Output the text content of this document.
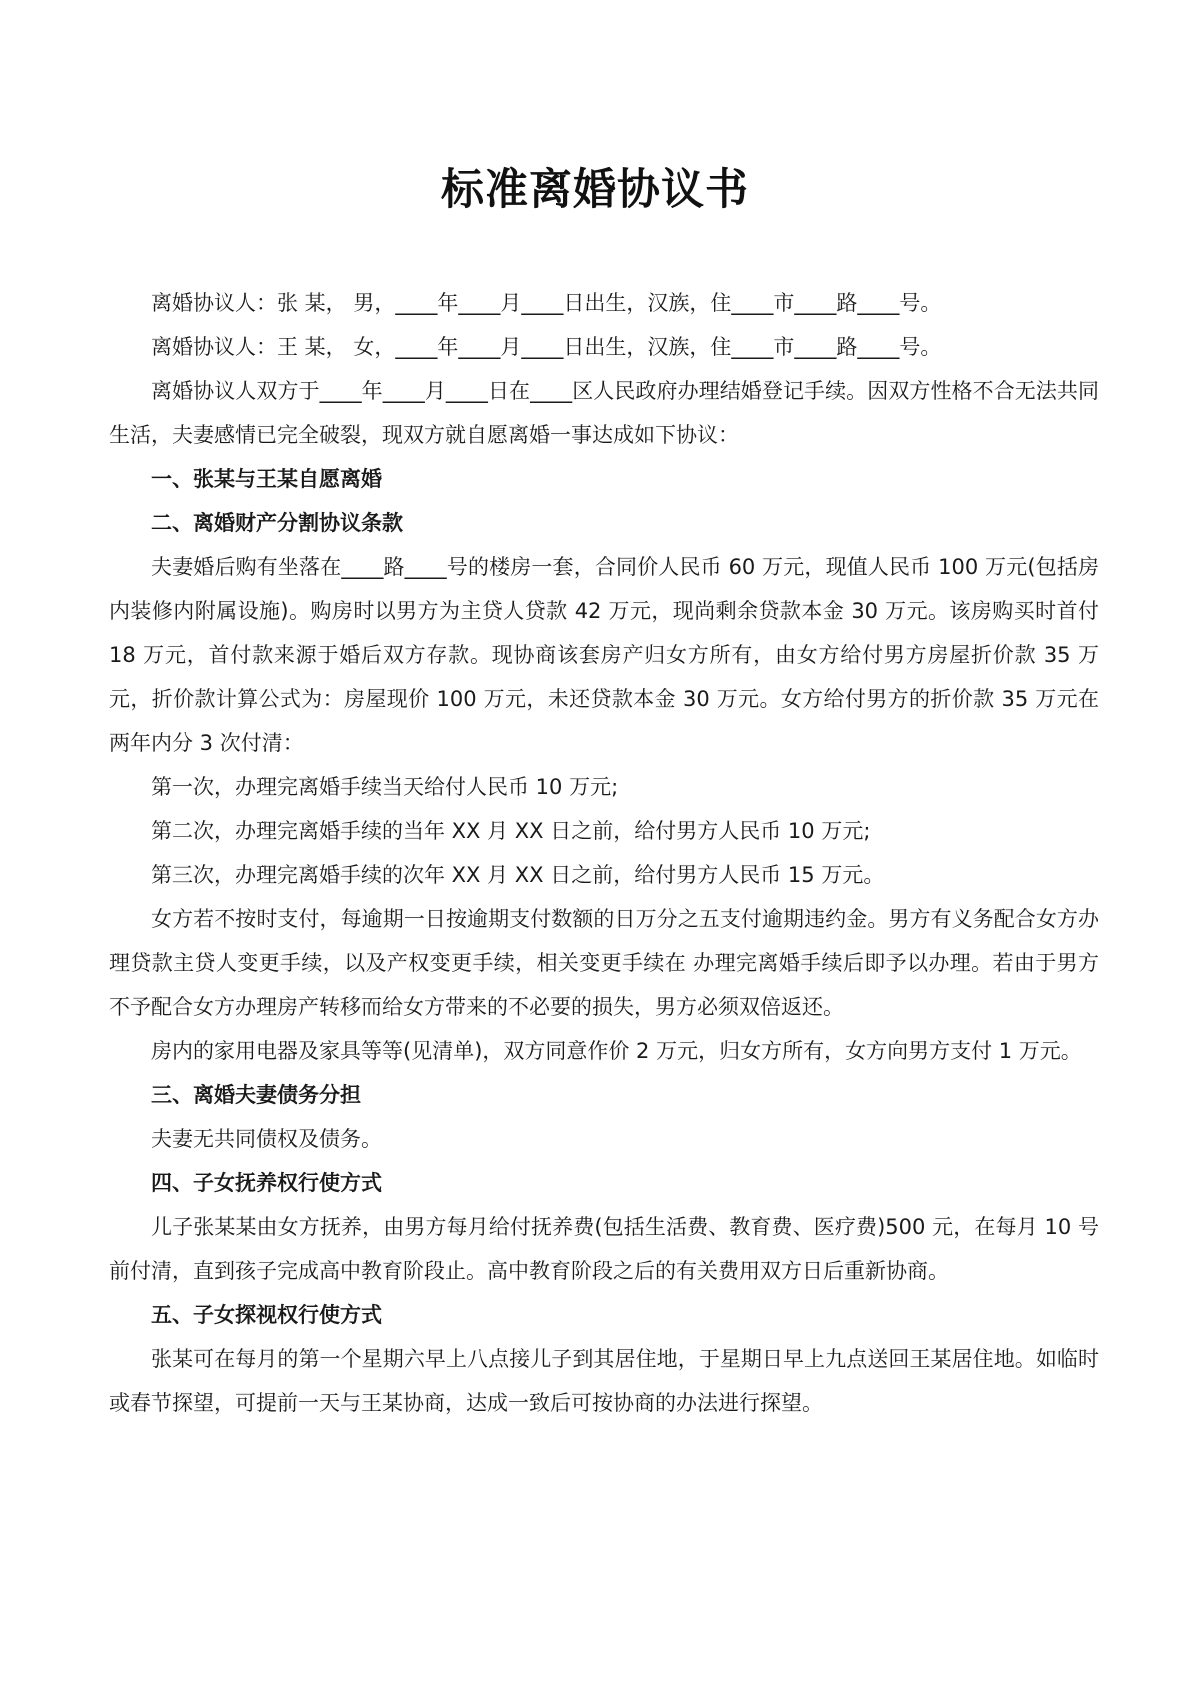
标准离婚协议书

离婚协议人：张 某， 男，____年____月____日出生，汉族，住____市____路____号。

离婚协议人：王 某， 女，____年____月____日出生，汉族，住____市____路____号。

离婚协议人双方于____年____月____日在____区人民政府办理结婚登记手续。因双方性格不合无法共同生活，夫妻感情已完全破裂，现双方就自愿离婚一事达成如下协议：

一、张某与王某自愿离婚

二、离婚财产分割协议条款

夫妻婚后购有坐落在____路____号的楼房一套，合同价人民币 60 万元，现值人民币 100 万元(包括房内装修内附属设施)。购房时以男方为主贷人贷款 42 万元，现尚剩余贷款本金 30 万元。该房购买时首付 18 万元，首付款来源于婚后双方存款。现协商该套房产归女方所有，由女方给付男方房屋折价款 35 万元，折价款计算公式为：房屋现价 100 万元，未还贷款本金 30 万元。女方给付男方的折价款 35 万元在两年内分 3 次付清：

第一次，办理完离婚手续当天给付人民币 10 万元;

第二次，办理完离婚手续的当年 XX 月 XX 日之前，给付男方人民币 10 万元;

第三次，办理完离婚手续的次年 XX 月 XX 日之前，给付男方人民币 15 万元。

女方若不按时支付，每逾期一日按逾期支付数额的日万分之五支付逾期违约金。男方有义务配合女方办理贷款主贷人变更手续，以及产权变更手续，相关变更手续在 办理完离婚手续后即予以办理。若由于男方不予配合女方办理房产转移而给女方带来的不必要的损失，男方必须双倍返还。

房内的家用电器及家具等等(见清单)，双方同意作价 2 万元，归女方所有，女方向男方支付 1 万元。

三、离婚夫妻债务分担

夫妻无共同债权及债务。

四、子女抚养权行使方式

儿子张某某由女方抚养，由男方每月给付抚养费(包括生活费、教育费、医疗费)500 元，在每月 10 号前付清，直到孩子完成高中教育阶段止。高中教育阶段之后的有关费用双方日后重新协商。

五、子女探视权行使方式

张某可在每月的第一个星期六早上八点接儿子到其居住地，于星期日早上九点送回王某居住地。如临时或春节探望，可提前一天与王某协商，达成一致后可按协商的办法进行探望。
